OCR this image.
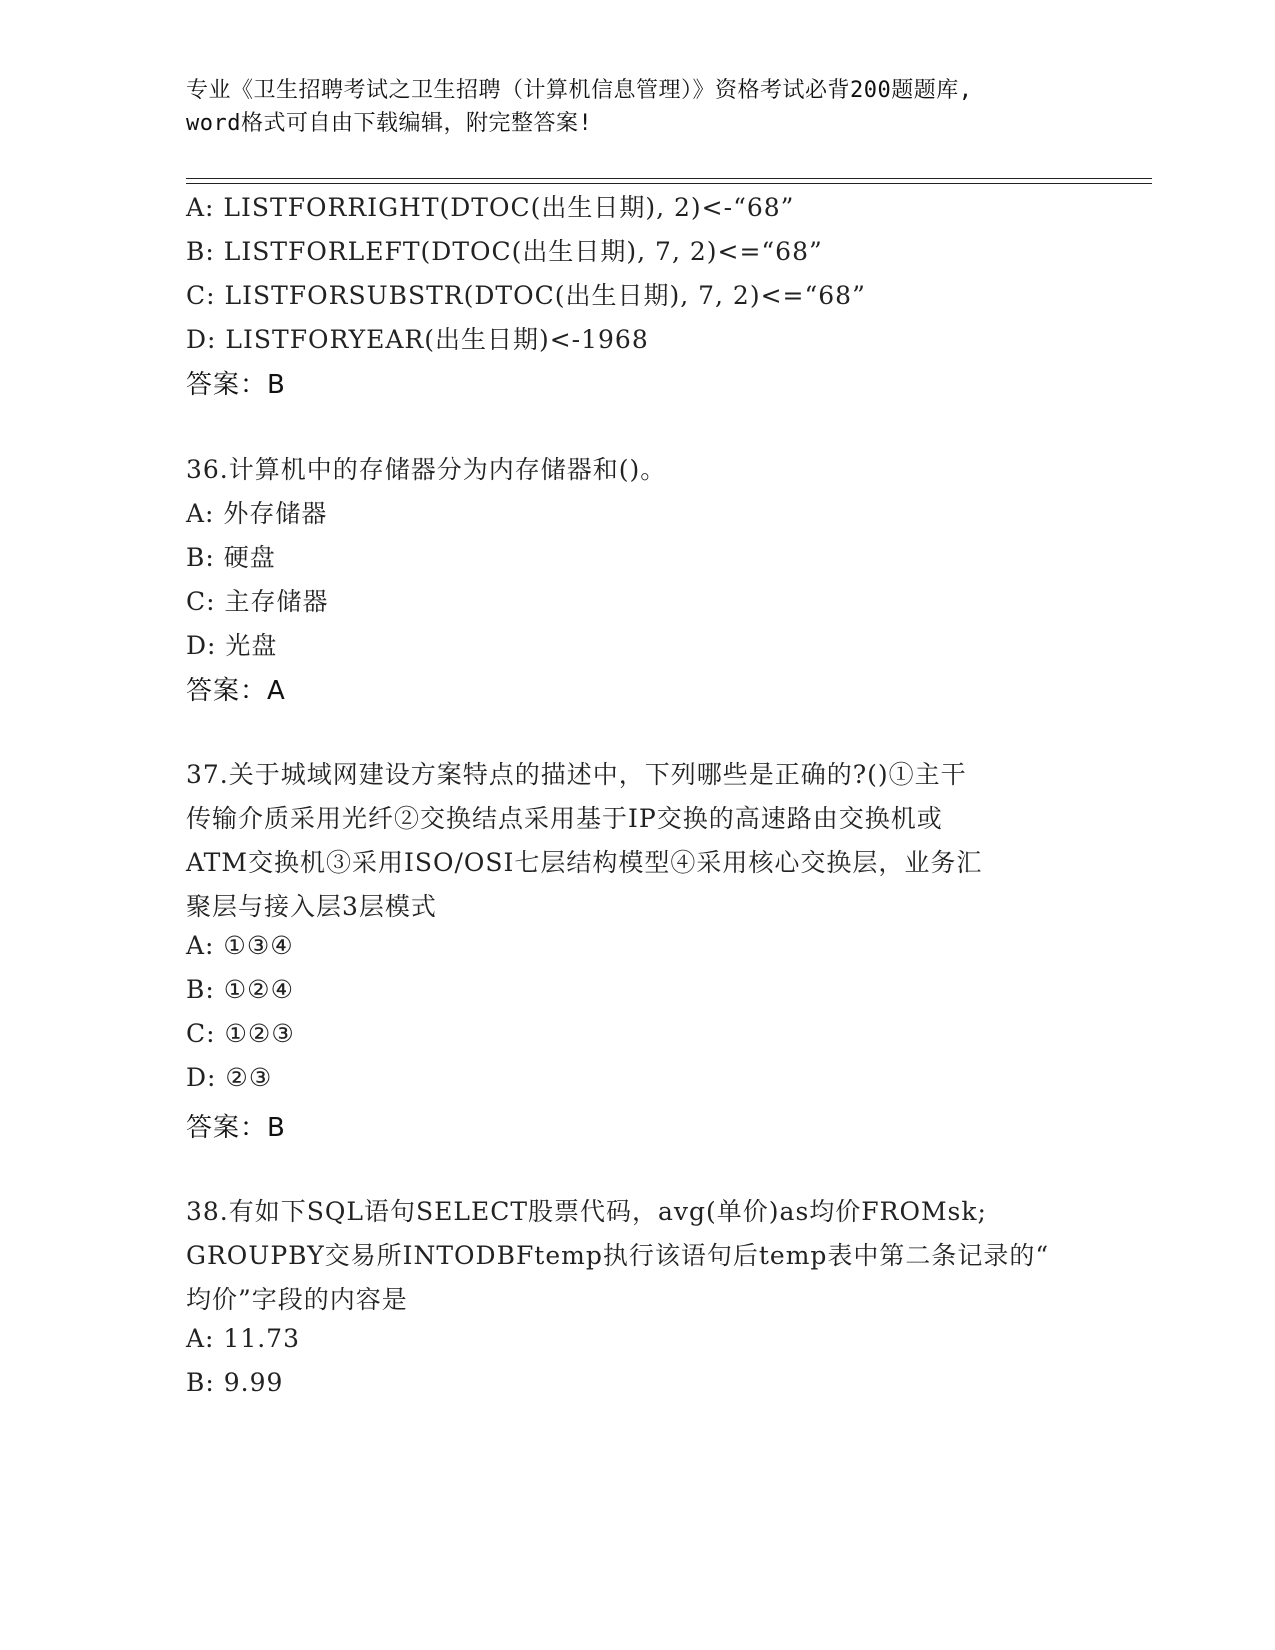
专业《卫生招聘考试之卫生招聘（计算机信息管理）》资格考试必背200题题库,
word格式可自由下载编辑，附完整答案!
A: LISTFORRIGHT(DTOC(出生日期), 2)<-“68”
B: LISTFORLEFT(DTOC(出生日期), 7, 2)<=“68”
C: LISTFORSUBSTR(DTOC(出生日期), 7, 2)<=“68”
D: LISTFORYEAR(出生日期)<-1968
答案：B
36.计算机中的存储器分为内存储器和()。
A: 外存储器
B: 硬盘
C: 主存储器
D: 光盘
答案：A
37.关于城域网建设方案特点的描述中，下列哪些是正确的?()①主干
传输介质采用光纤②交换结点采用基于IP交换的高速路由交换机或
ATM交换机③采用ISO/OSI七层结构模型④采用核心交换层，业务汇
聚层与接入层3层模式
A: ①③④
B: ①②④
C: ①②③
D: ②③
答案：B
38.有如下SQL语句SELECT股票代码，avg(单价)as均价FROMsk;
GROUPBY交易所INTODBFtemp执行该语句后temp表中第二条记录的“
均价”字段的内容是
A: 11.73
B: 9.99
